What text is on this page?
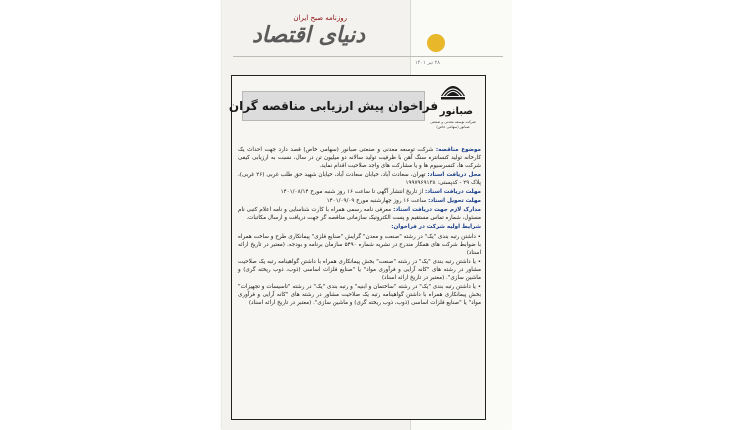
روزنامه صبح ایران
دنیای اقتصاد
۲۸ تیر ۱۴۰۱
فراخوان پیش ارزیابی مناقصه گران صبانور
شرکت توسعه معدنی و صنعتی صبانور (سهامی خاص)

موضوع مناقصه: شرکت توسعه معدنی و صنعتی صبانور (سهامی خاص) قصد دارد جهت احداث یک کارخانه تولید کنسانتره سنگ آهن با ظرفیت تولید سالانه دو میلیون تن در سال، نسبت به ارزیابی کیفی شرکت ها، کنسرسیوم ها و یا مشارکت های واجد صلاحیت اقدام نماید.

محل دریافت اسناد: تهران، سعادت آباد، خیابان سعادت آباد، خیابان شهید حق طلب غربی (۲۶ غربی)، پلاک ۲۹ - کدپستی: ۱۹۹۷۹۶۹۱۳۸

مهلت دریافت اسناد: از تاریخ انتشار آگهی تا ساعت ۱۶ روز شنبه مورخ ۱۴۰۱/۰۸/۱۴

مهلت تحویل اسناد: ساعت ۱۶ روز چهارشنبه مورخ ۱۴۰۱/۰۹/۰۹

مدارک لازم جهت دریافت اسناد: معرفی نامه رسمی همراه با کارت شناسایی و نامه اعلام کتبی نام مسئول، شماره تماس مستقیم و پست الکترونیک سازمانی مناقصه گر جهت دریافت و ارسال مکاتبات.

شرایط اولیه شرکت در فراخوان:

• داشتن رتبه بندی "یک" در رشته "صنعت و معدن" گرایش "صنایع فلزی" پیمانکاری طرح و ساخت همراه با ضوابط شرکت های همکار مندرج در نشریه شماره ۵۴۹۰ سازمان برنامه و بودجه. (معتبر در تاریخ ارائه اسناد)

• یا داشتن رتبه بندی "یک" در رشته "صنعت" بخش پیمانکاری همراه با داشتن گواهینامه رتبه یک صلاحیت مشاور در رشته های "کانه آرایی و فرآوری مواد" یا "صنایع فلزات اساسی (ذوب، ذوب ریخته گری) و ماشین سازی". (معتبر در تاریخ ارائه اسناد)

• یا داشتن رتبه بندی "یک" در رشته "ساختمان و ابنیه" و رتبه بندی "یک" در رشته "تاسیسات و تجهیزات" بخش پیمانکاری همراه با داشتن گواهینامه رتبه یک صلاحیت مشاور در رشته های "کانه آرایی و فرآوری مواد" یا "صنایع فلزات اساسی (ذوب، ذوب ریخته گری) و ماشین سازی". (معتبر در تاریخ ارائه اسناد)
